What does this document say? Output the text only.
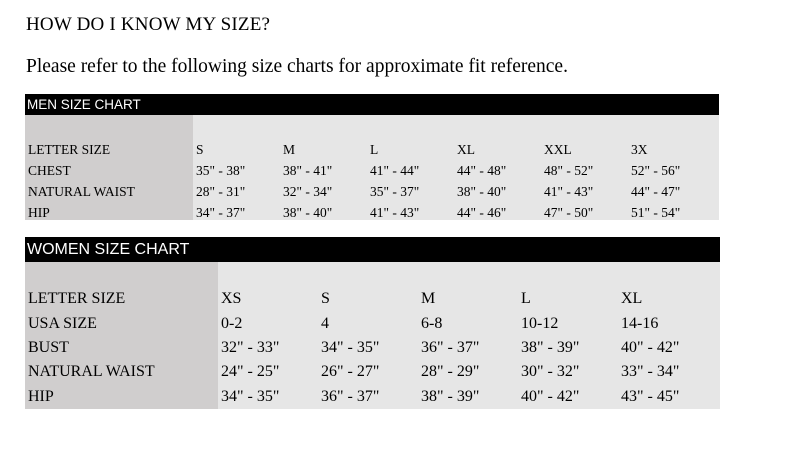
HOW DO I KNOW MY SIZE?
Please refer to the following size charts for approximate fit reference.
MEN SIZE CHART
LETTER SIZE	S	M	L	XL	XXL	3X
CHEST	35" - 38"	38" - 41"	41" - 44"	44" - 48"	48" - 52"	52" - 56"
NATURAL WAIST	28" - 31"	32" - 34"	35" - 37"	38" - 40"	41" - 43"	44" - 47"
HIP	34" - 37"	38" - 40"	41" - 43"	44" - 46"	47" - 50"	51" - 54"
WOMEN SIZE CHART
LETTER SIZE	XS	S	M	L	XL
USA SIZE	0-2	4	6-8	10-12	14-16
BUST	32" - 33"	34" - 35"	36" - 37"	38" - 39"	40" - 42"
NATURAL WAIST	24" - 25"	26" - 27"	28" - 29"	30" - 32"	33" - 34"
HIP	34" - 35"	36" - 37"	38" - 39"	40" - 42"	43" - 45"
